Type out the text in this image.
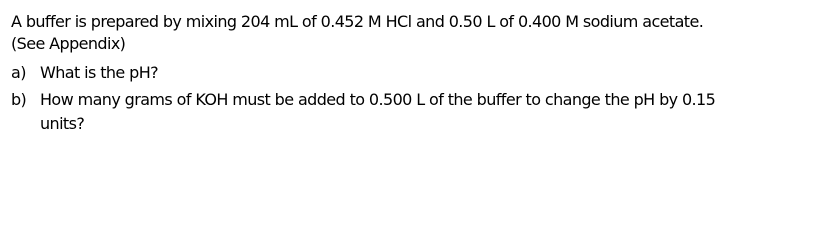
A buffer is prepared by mixing 204 mL of 0.452 M HCl and 0.50 L of 0.400 M sodium acetate.
(See Appendix)
a) What is the pH?
b) How many grams of KOH must be added to 0.500 L of the buffer to change the pH by 0.15
units?
